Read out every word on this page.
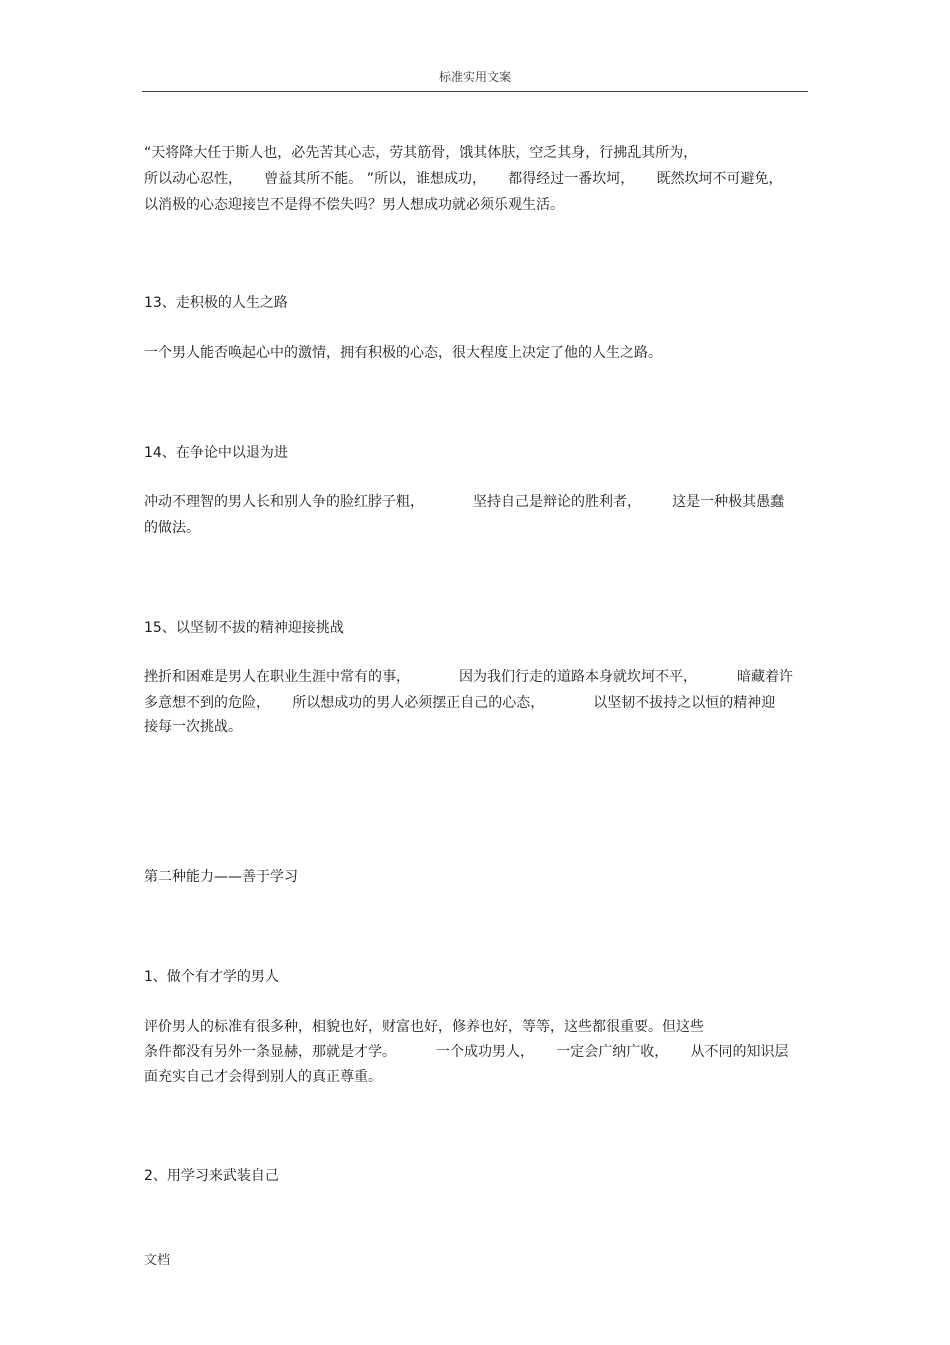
标准实用文案
“天将降大任于斯人也，必先苦其心志，劳其筋骨，饿其体肤，空乏其身，行拂乱其所为，
所以动心忍性，     曾益其所不能。 ”所以，谁想成功，     都得经过一番坎坷，     既然坎坷不可避免，
以消极的心态迎接岂不是得不偿失吗？男人想成功就必须乐观生活。
13、走积极的人生之路
一个男人能否唤起心中的激情，拥有积极的心态，很大程度上决定了他的人生之路。
14、在争论中以退为进
冲动不理智的男人长和别人争的脸红脖子粗，           坚持自己是辩论的胜利者，       这是一种极其愚蠢
的做法。
15、以坚韧不拔的精神迎接挑战
挫折和困难是男人在职业生涯中常有的事，           因为我们行走的道路本身就坎坷不平，         暗藏着许
多意想不到的危险，     所以想成功的男人必须摆正自己的心态，           以坚韧不拔持之以恒的精神迎
接每一次挑战。
第二种能力——善于学习
1、做个有才学的男人
评价男人的标准有很多种，相貌也好，财富也好，修养也好，等等，这些都很重要。但这些
条件都没有另外一条显赫，那就是才学。         一个成功男人，     一定会广纳广收，     从不同的知识层
面充实自己才会得到别人的真正尊重。
2、用学习来武装自己
文档
